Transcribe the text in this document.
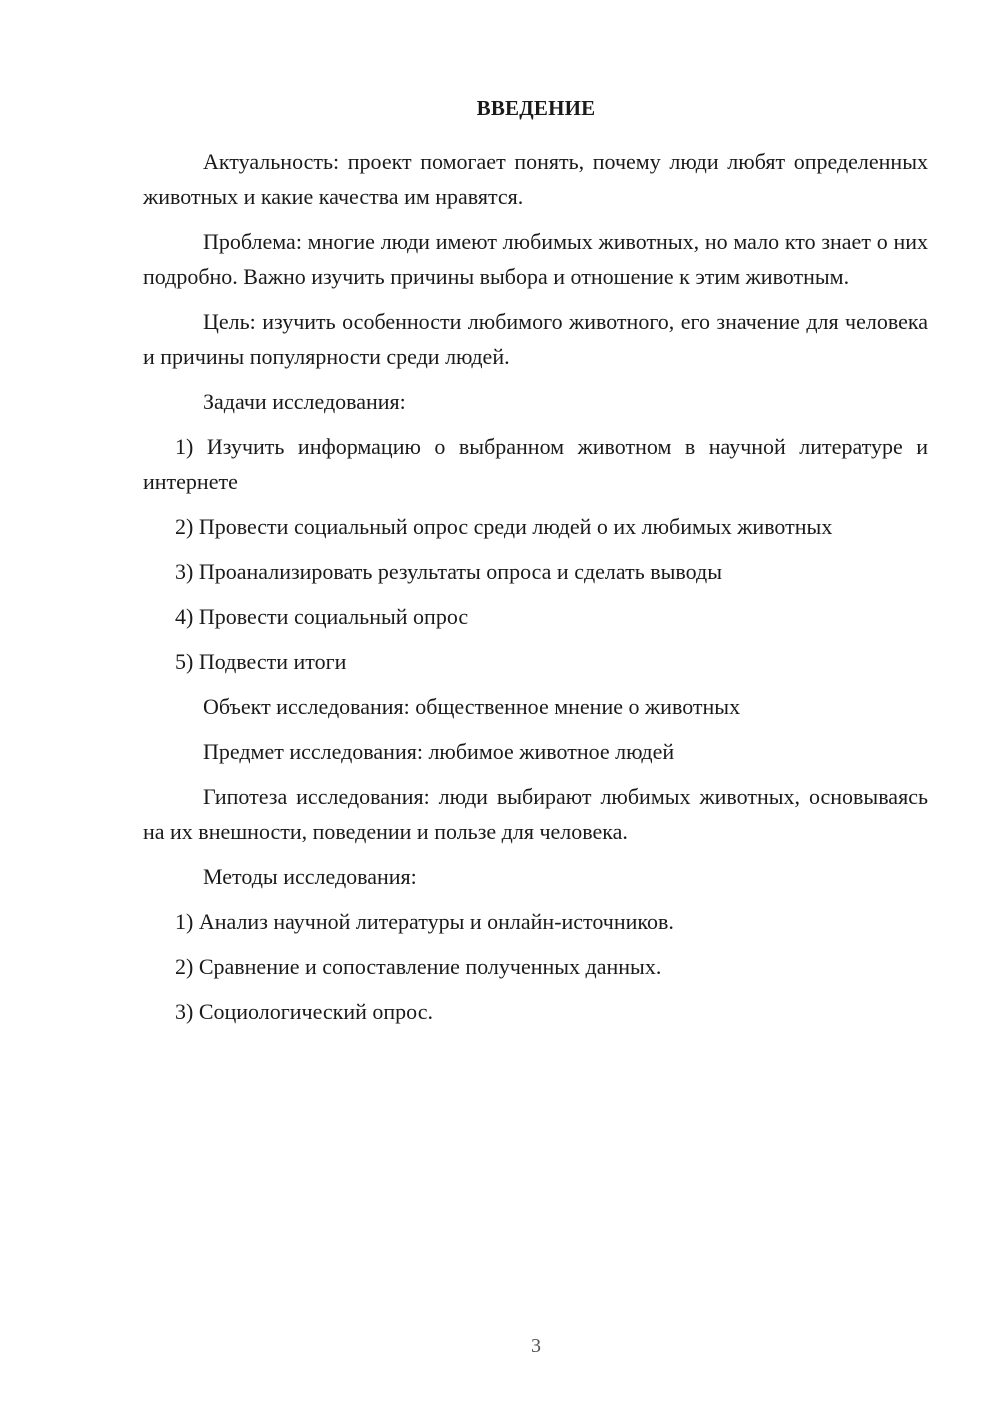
ВВЕДЕНИЕ

Актуальность: проект помогает понять, почему люди любят определенных животных и какие качества им нравятся.

Проблема: многие люди имеют любимых животных, но мало кто знает о них подробно. Важно изучить причины выбора и отношение к этим животным.

Цель: изучить особенности любимого животного, его значение для человека и причины популярности среди людей.

Задачи исследования:

1) Изучить информацию о выбранном животном в научной литературе и интернете

2) Провести социальный опрос среди людей о их любимых животных

3) Проанализировать результаты опроса и сделать выводы

4) Провести социальный опрос

5) Подвести итоги

Объект исследования: общественное мнение о животных

Предмет исследования: любимое животное людей

Гипотеза исследования: люди выбирают любимых животных, основываясь на их внешности, поведении и пользе для человека.

Методы исследования:

1) Анализ научной литературы и онлайн-источников.

2) Сравнение и сопоставление полученных данных.

3) Социологический опрос.

3
